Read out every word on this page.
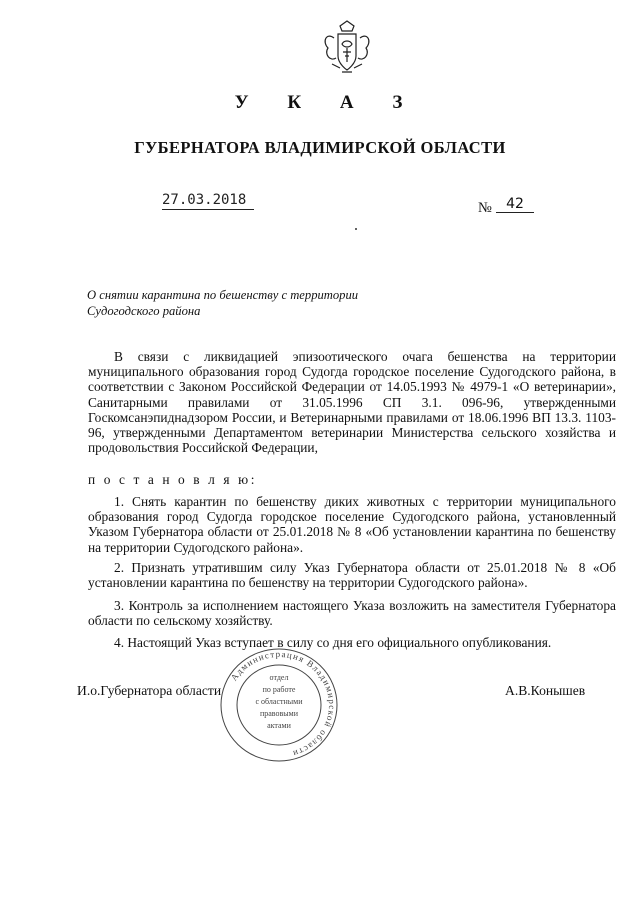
У К А З
ГУБЕРНАТОРА ВЛАДИМИРСКОЙ ОБЛАСТИ
27.03.2018	№	42
О снятии карантина по бешенству с территории Судогодского района
В связи с ликвидацией эпизоотического очага бешенства на территории муниципального образования город Судогда городское поселение Судогодского района, в соответствии с Законом Российской Федерации от 14.05.1993 № 4979-1 «О ветеринарии», Санитарными правилами от 31.05.1996 СП 3.1. 096-96, утвержденными Госкомсанэпиднадзором России, и Ветеринарными правилами от 18.06.1996 ВП 13.3. 1103-96, утвержденными Департаментом ветеринарии Министерства сельского хозяйства и продовольствия Российской Федерации,
п о с т а н о в л я ю:
1. Снять карантин по бешенству диких животных с территории муниципального образования город Судогда городское поселение Судогодского района, установленный Указом Губернатора области от 25.01.2018 № 8 «Об установлении карантина по бешенству на территории Судогодского района».
2. Признать утратившим силу Указ Губернатора области от 25.01.2018 № 8 «Об установлении карантина по бешенству на территории Судогодского района».
3. Контроль за исполнением настоящего Указа возложить на заместителя Губернатора области по сельскому хозяйству.
4. Настоящий Указ вступает в силу со дня его официального опубликования.
И.о.Губернатора области	А.В.Конышев
Администрация Владимирской области
отдел
по работе
с областными
правовыми
актами
